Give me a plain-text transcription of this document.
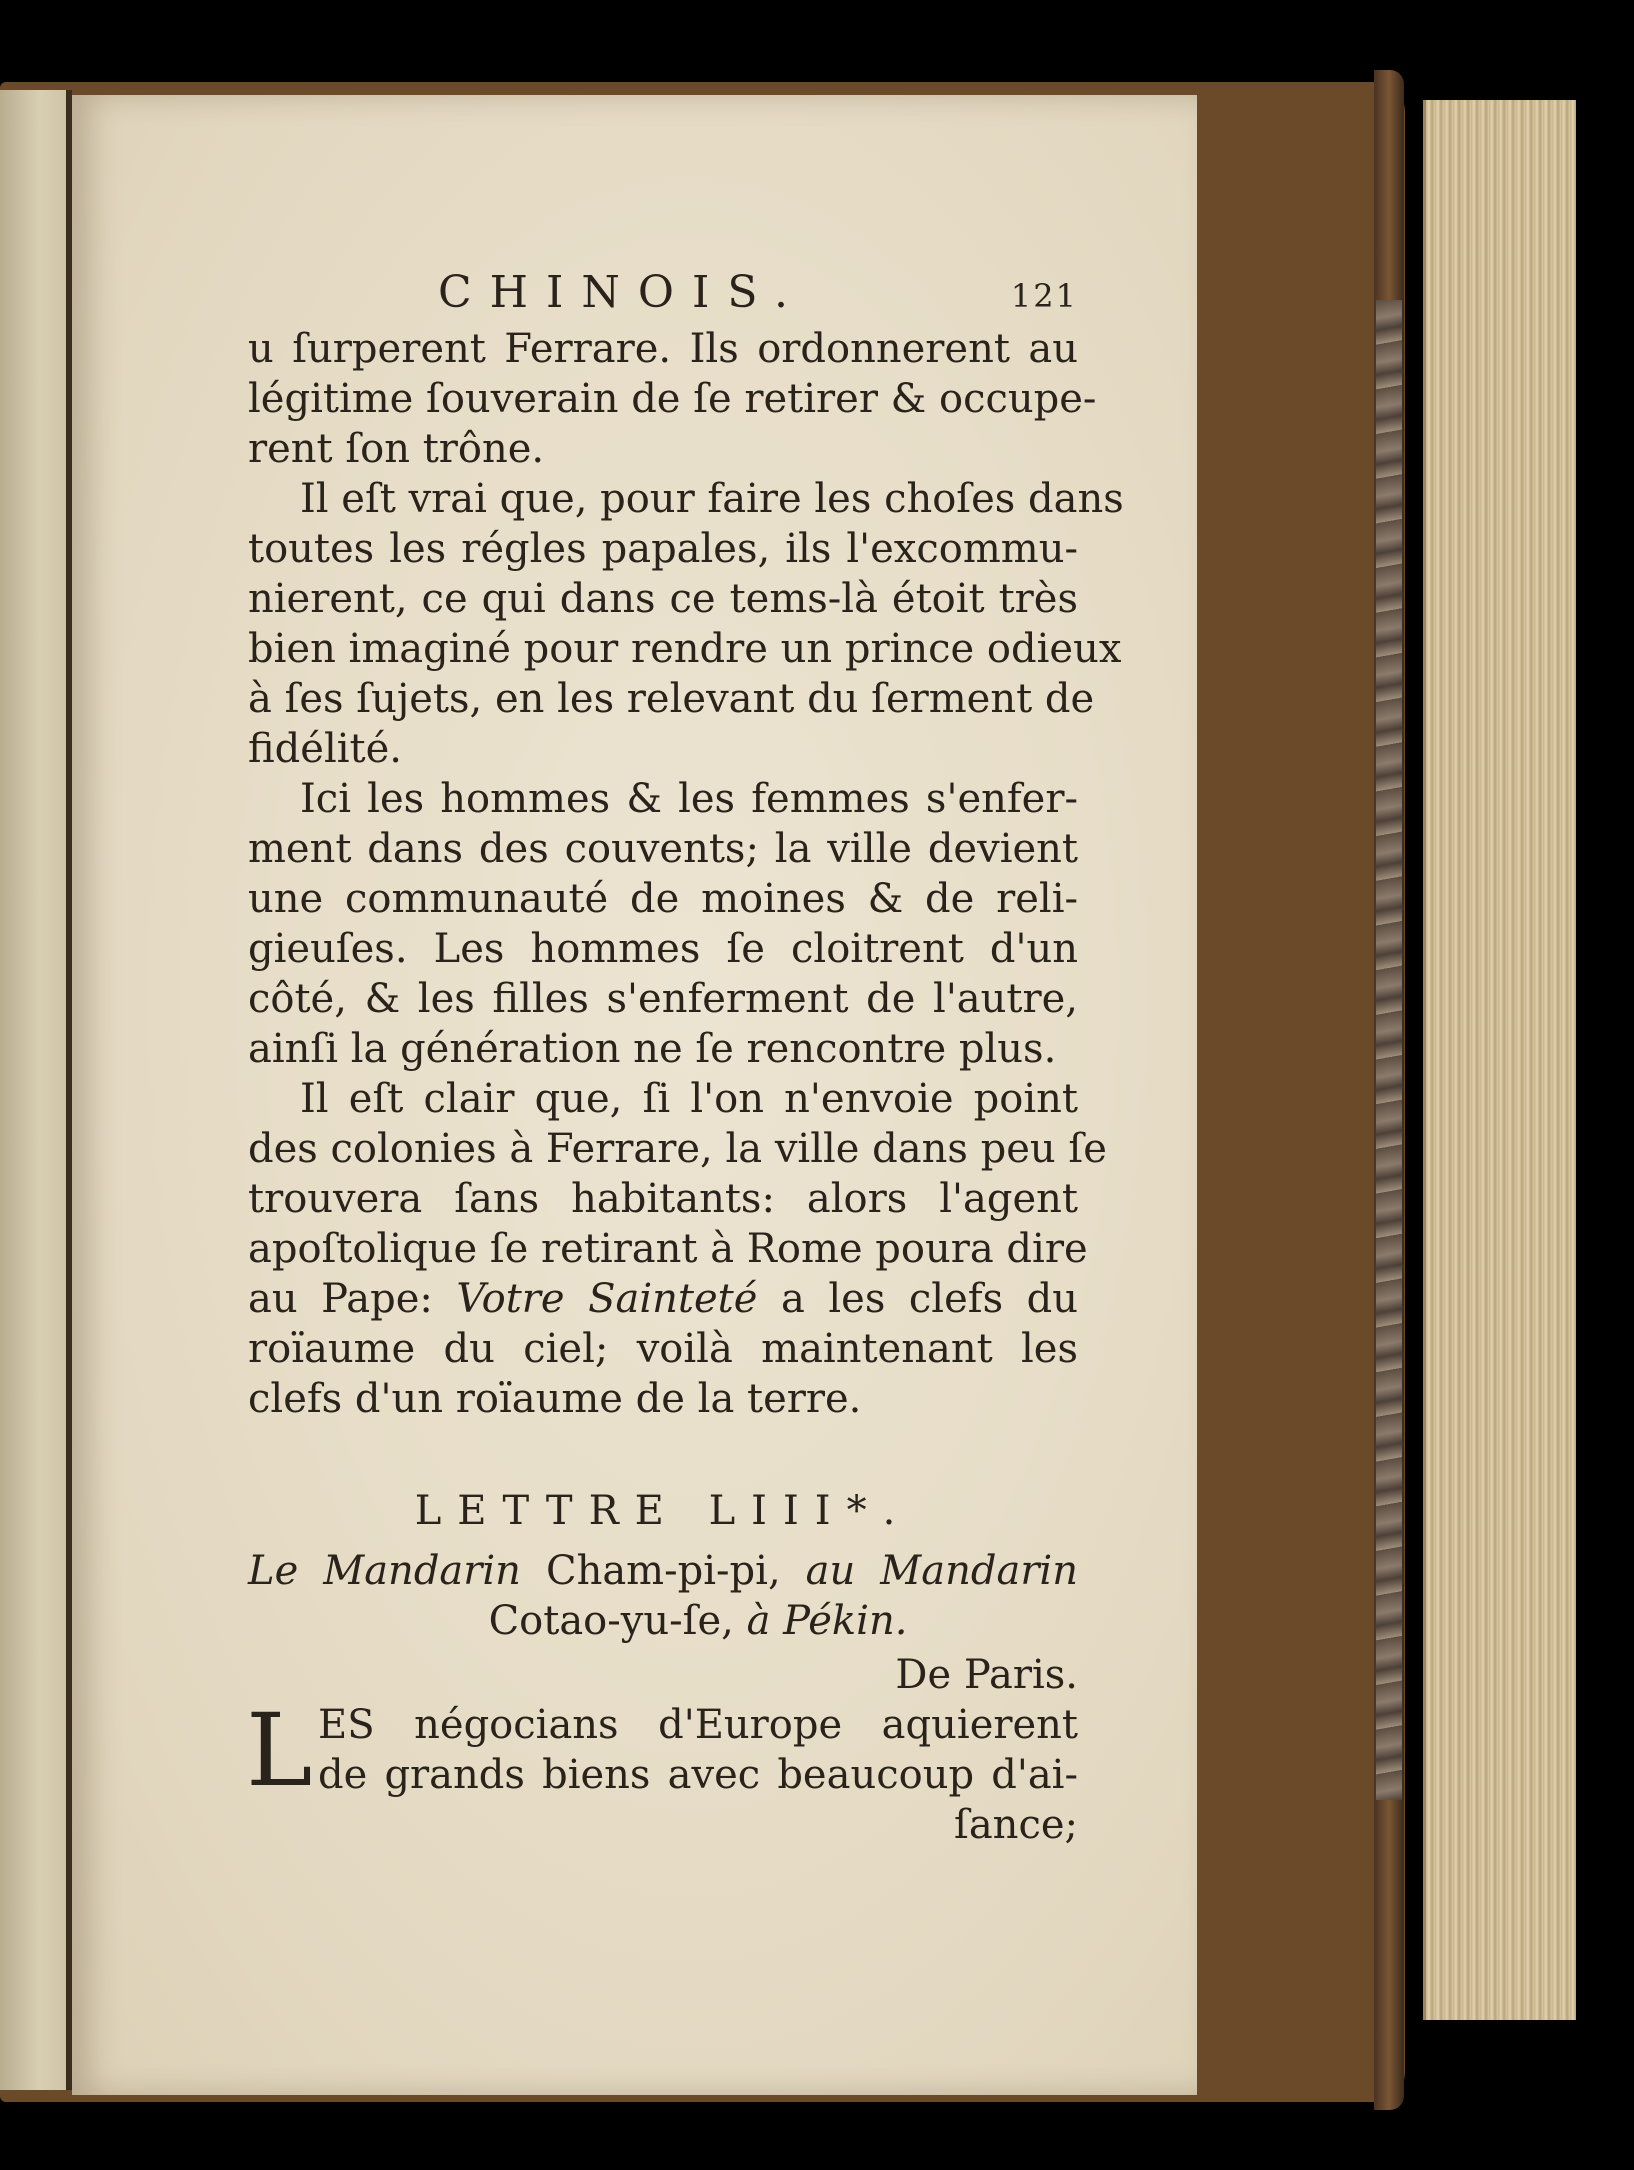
CHINOIS.	121
u ſurperent Ferrare. Ils ordonnerent au
légitime ſouverain de ſe retirer & occupe-
rent ſon trône.
Il eſt vrai que, pour faire les choſes dans
toutes les régles papales, ils l'excommu-
nierent, ce qui dans ce tems-là étoit très
bien imaginé pour rendre un prince odieux
à ſes ſujets, en les relevant du ſerment de
fidélité.
Ici les hommes & les femmes s'enfer-
ment dans des couvents; la ville devient
une communauté de moines & de reli-
gieuſes. Les hommes ſe cloitrent d'un
côté, & les filles s'enferment de l'autre,
ainſi la génération ne ſe rencontre plus.
Il eſt clair que, ſi l'on n'envoie point
des colonies à Ferrare, la ville dans peu ſe
trouvera ſans habitants: alors l'agent
apoſtolique ſe retirant à Rome poura dire
au Pape: Votre Sainteté a les clefs du
roïaume du ciel; voilà maintenant les
clefs d'un roïaume de la terre.
LETTRE LIII*.
Le Mandarin Cham-pi-pi, au Mandarin
Cotao-yu-ſe, à Pékin.
De Paris.
L ES négocians d'Europe aquierent
de grands biens avec beaucoup d'ai-
ſance;
